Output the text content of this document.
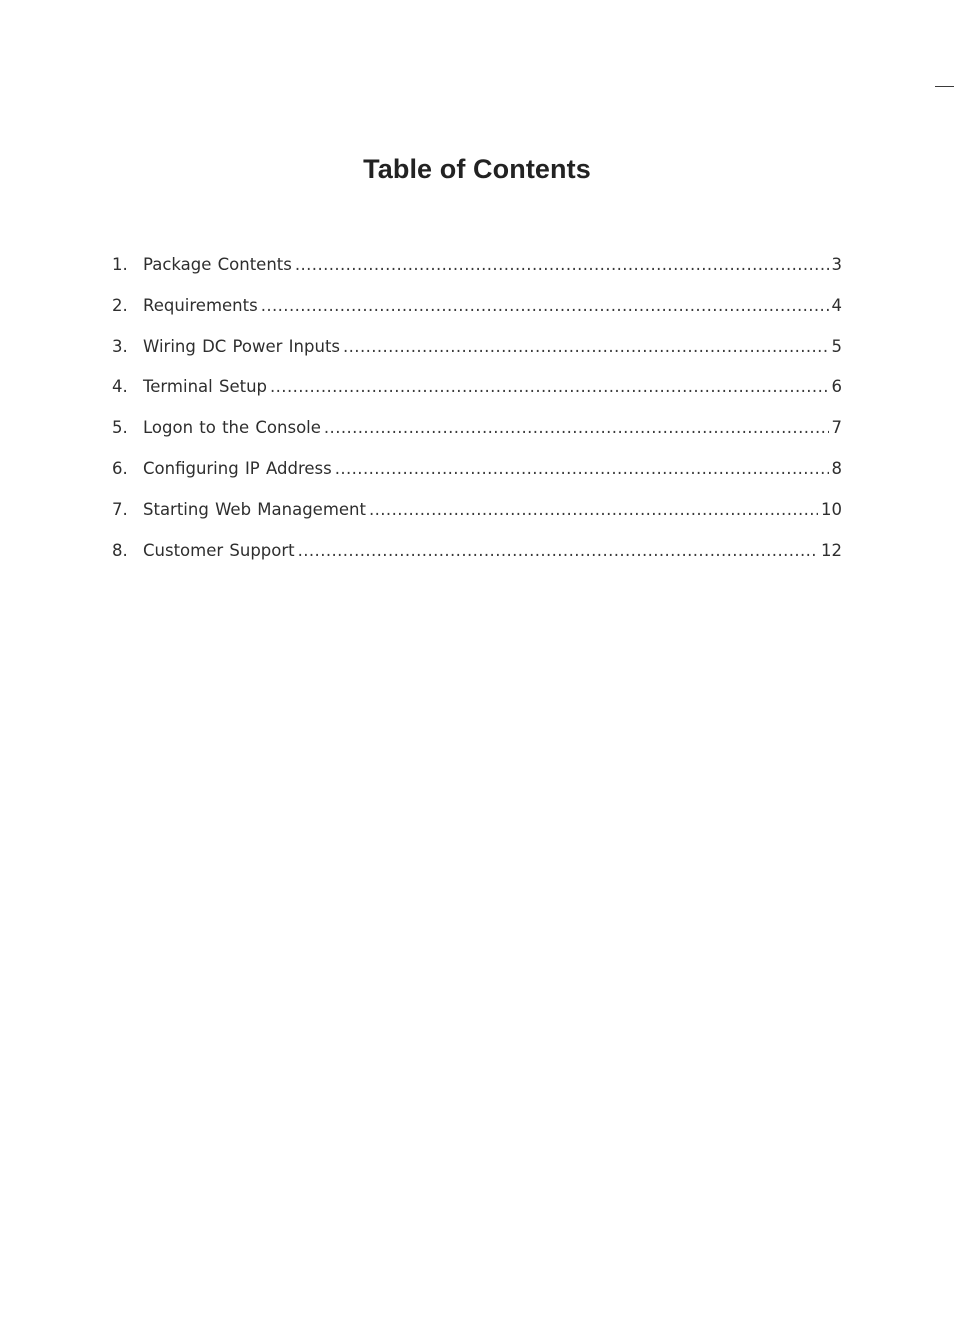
Table of Contents
1. Package Contents .....	3
2. Requirements .....	4
3. Wiring DC Power Inputs .....	5
4. Terminal Setup .....	6
5. Logon to the Console .....	7
6. Configuring IP Address .....	8
7. Starting Web Management .....	10
8. Customer Support .....	12
